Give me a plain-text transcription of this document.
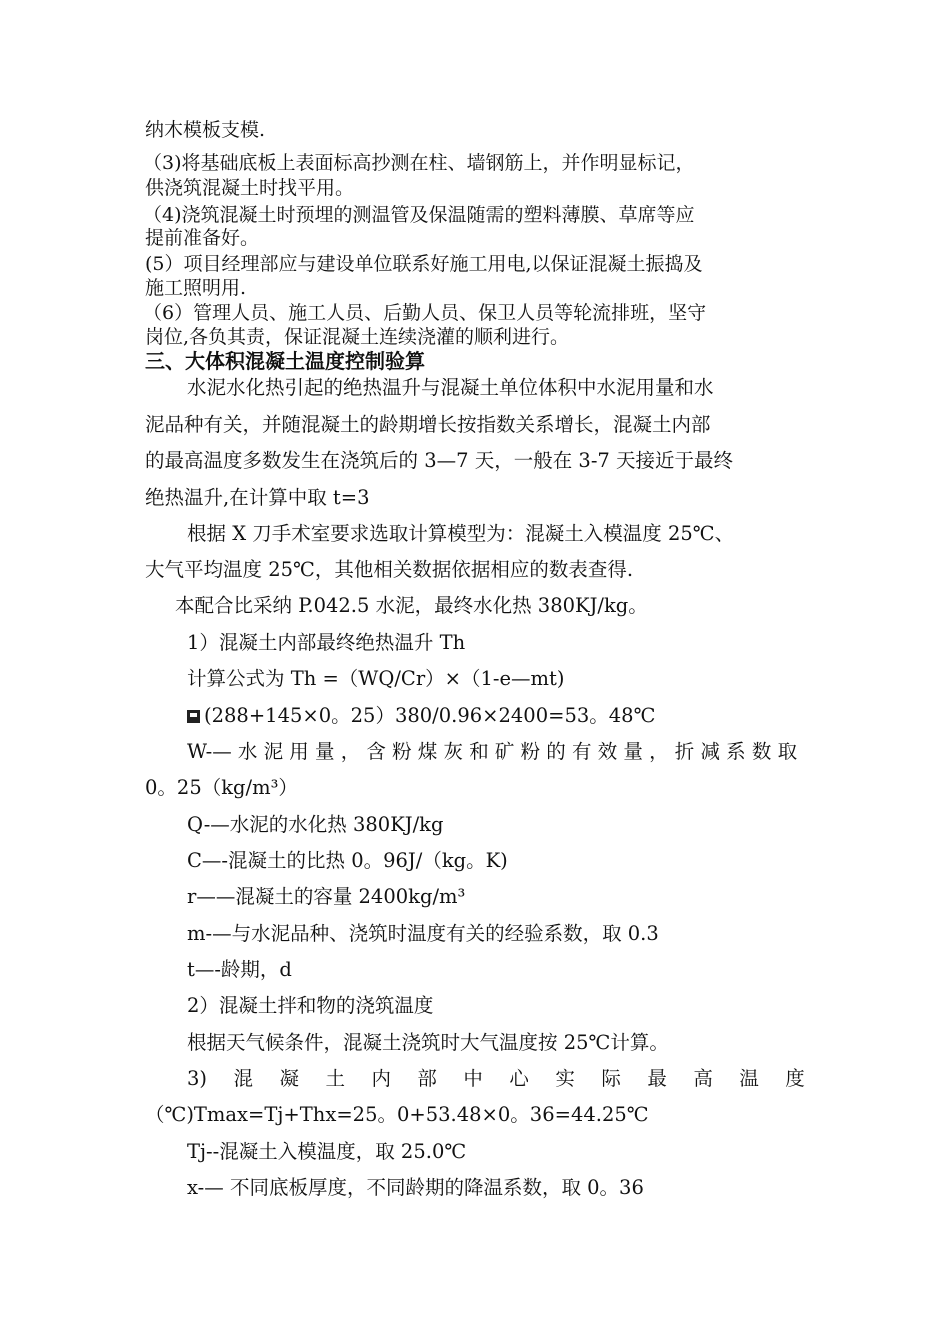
纳木模板支模.
（3)将基础底板上表面标高抄测在柱、墙钢筋上，并作明显标记，
供浇筑混凝土时找平用。
（4)浇筑混凝土时预埋的测温管及保温随需的塑料薄膜、草席等应
提前准备好。
(5）项目经理部应与建设单位联系好施工用电,以保证混凝土振捣及
施工照明用.
（6）管理人员、施工人员、后勤人员、保卫人员等轮流排班，坚守
岗位,各负其责，保证混凝土连续浇灌的顺利进行。
三、大体积混凝土温度控制验算
水泥水化热引起的绝热温升与混凝土单位体积中水泥用量和水
泥品种有关，并随混凝土的龄期增长按指数关系增长，混凝土内部
的最高温度多数发生在浇筑后的 3—7 天，一般在 3-7 天接近于最终
绝热温升,在计算中取 t=3
根据 X 刀手术室要求选取计算模型为：混凝土入模温度 25℃、
大气平均温度 25℃，其他相关数据依据相应的数表查得.
本配合比采纳 P.042.5 水泥，最终水化热 380KJ/kg。
1）混凝土内部最终绝热温升 Th
计算公式为 Th =（WQ/Cr）×（1-e—mt)
(288+145×0。25）380/0.96×2400=53。48℃
W-— 水 泥 用 量 ， 含 粉 煤 灰 和 矿 粉 的 有 效 量 ， 折 减 系 数 取
0。25（kg/m³）
Q-—水泥的水化热 380KJ/kg
C—-混凝土的比热 0。96J/（kg。K)
r——混凝土的容量 2400kg/m³
m-—与水泥品种、浇筑时温度有关的经验系数，取 0.3
t—-龄期，d
2）混凝土拌和物的浇筑温度
根据天气候条件，混凝土浇筑时大气温度按 25℃计算。
3) 混 凝 土 内 部 中 心 实 际 最 高 温 度
（℃)Tmax=Tj+Thx=25。0+53.48×0。36=44.25℃
Tj--混凝土入模温度，取 25.0℃
x-— 不同底板厚度，不同龄期的降温系数，取 0。36
